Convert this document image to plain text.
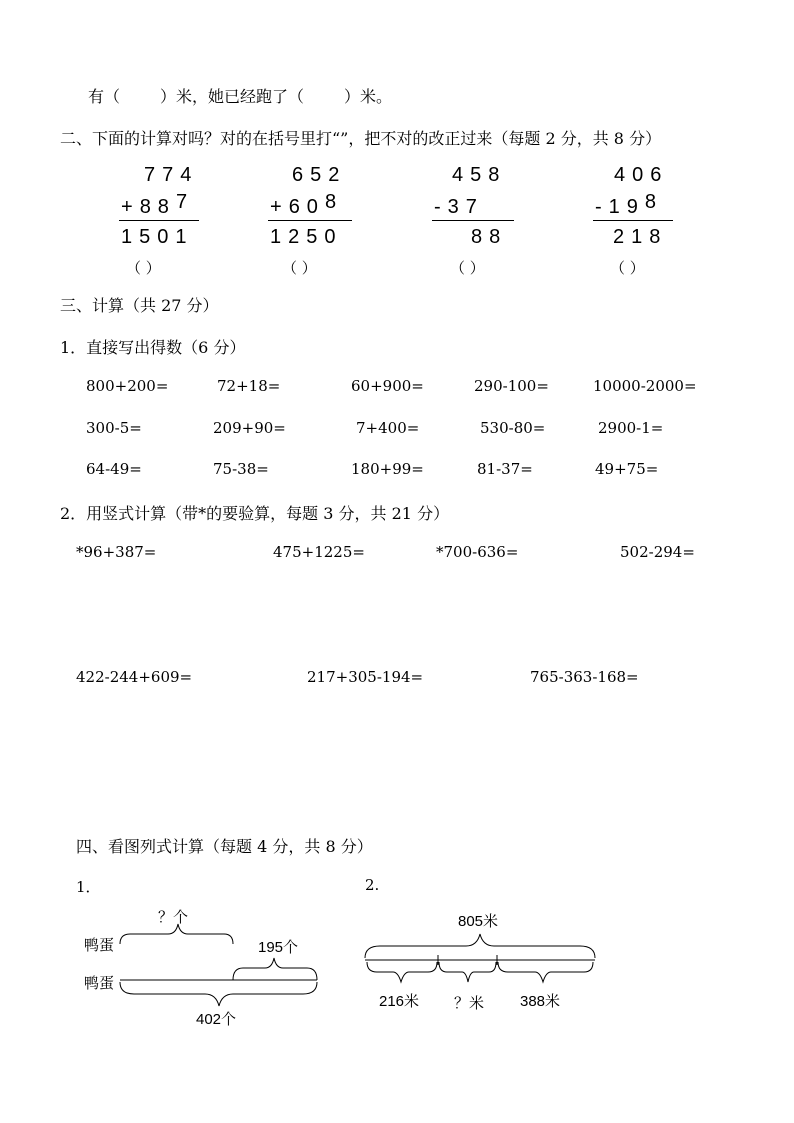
有（	）米，她已经跑了（	）米。
二、下面的计算对吗？对的在括号里打“”，把不对的改正过来（每题 2 分，共 8 分）
774
+887
1501
（ ）
652
+608
1250
（ ）
458
-37
88
（ ）
406
-198
218
（ ）
三、计算（共 27 分）
1．直接写出得数（6 分）
800+200=	72+18=	60+900=	290-100=	10000-2000=
300-5=	209+90=	7+400=	530-80=	2900-1=
64-49=	75-38=	180+99=	81-37=	49+75=
2．用竖式计算（带*的要验算，每题 3 分，共 21 分）
*96+387=	475+1225=	*700-636=	502-294=
422-244+609=	217+305-194=	765-363-168=
四、看图列式计算（每题 4 分，共 8 分）
1．	2.
？个
鸭蛋	195个
鸭蛋
402个
805米
216米 ？米 388米
